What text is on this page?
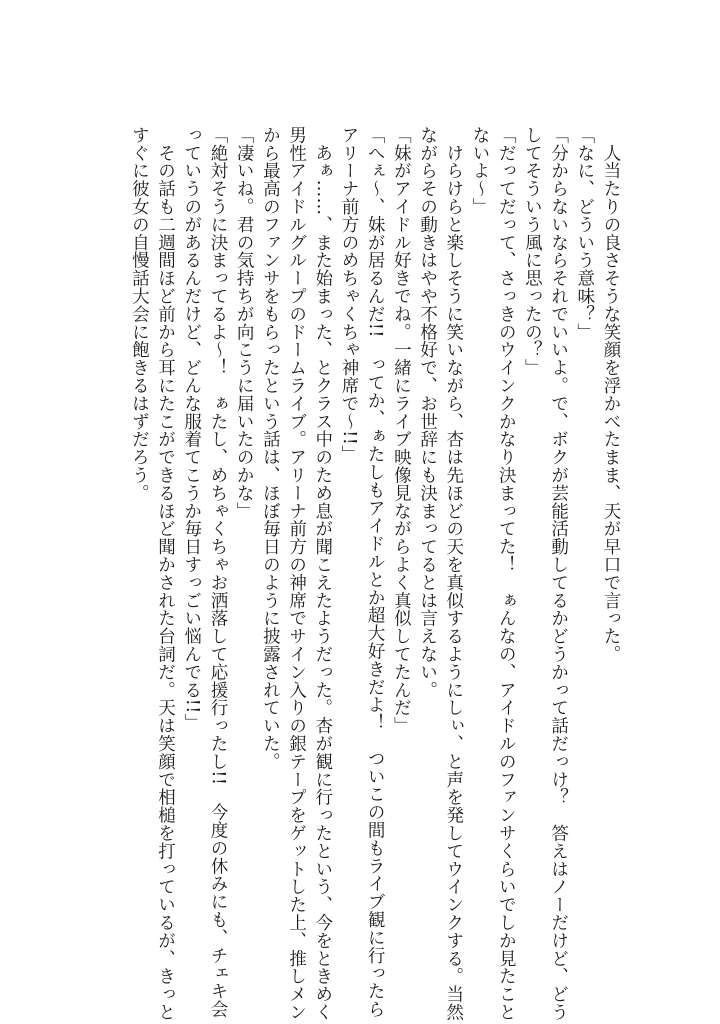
　人当たりの良さそうな笑顔を浮かべたまま、天が早口で言った。
「なに、どういう意味？」
「分からないならそれでいいよ。で、ボクが芸能活動してるかどうかって話だっけ？　答えはノーだけど、どう
してそういう風に思ったの？」
「だってだって、さっきのウインクかなり決まってた！　ぁんなの、アイドルのファンサくらいでしか見たこと
ないよ～」
　けらけらと楽しそうに笑いながら、杏は先ほどの天を真似するようにしぃ、と声を発してウインクする。当然
ながらその動きはやや不格好で、お世辞にも決まってるとは言えない。
「妹がアイドル好きでね。一緒にライブ映像見ながらよく真似してたんだ」
「へぇ～、妹が居るんだ!!　ってか、ぁたしもアイドルとか超大好きだよ！　ついこの間もライブ観に行ったら
アリーナ前方のめちゃくちゃ神席で～!!」
　あぁ……、また始まった、とクラス中のため息が聞こえたようだった。杏が観に行ったという、今をときめく
男性アイドルグループのドームライブ。アリーナ前方の神席でサイン入りの銀テープをゲットした上、推しメン
から最高のファンサをもらったという話は、ほぼ毎日のように披露されていた。
「凄いね。君の気持ちが向こうに届いたのかな」
「絶対そうに決まってるよ～！　ぁたし、めちゃくちゃお洒落して応援行ったし!!　今度の休みにも、チェキ会
っていうのがあるんだけど、どんな服着てこうか毎日すっごい悩んでる!!」
　その話も二週間ほど前から耳にたこができるほど聞かされた台詞だ。天は笑顔で相槌を打っているが、きっと
すぐに彼女の自慢話大会に飽きるはずだろう。
